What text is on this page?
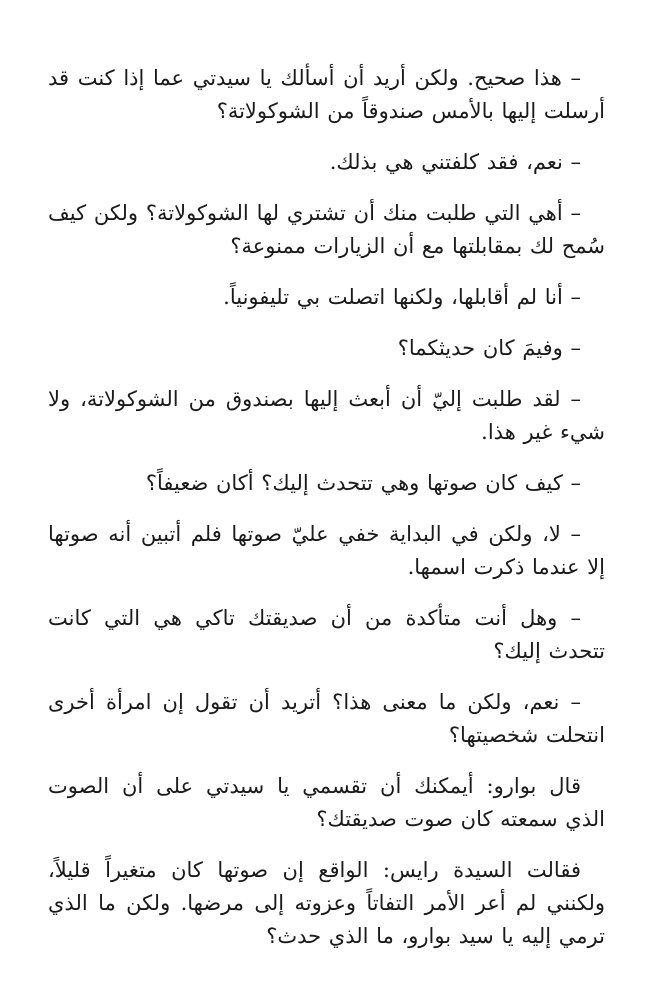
– هذا صحيح. ولكن أريد أن أسألك يا سيدتي عما إذا كنت قد أرسلت إليها بالأمس صندوقاً من الشوكولاتة؟

– نعم، فقد كلفتني هي بذلك.

– أهي التي طلبت منك أن تشتري لها الشوكولاتة؟ ولكن كيف سُمح لك بمقابلتها مع أن الزيارات ممنوعة؟

– أنا لم أقابلها، ولكنها اتصلت بي تليفونياً.

– وفيمَ كان حديثكما؟

– لقد طلبت إليّ أن أبعث إليها بصندوق من الشوكولاتة، ولا شيء غير هذا.

– كيف كان صوتها وهي تتحدث إليك؟ أكان ضعيفاً؟

– لا، ولكن في البداية خفي عليّ صوتها فلم أتبين أنه صوتها إلا عندما ذكرت اسمها.

– وهل أنت متأكدة من أن صديقتك تاكي هي التي كانت تتحدث إليك؟

– نعم، ولكن ما معنى هذا؟ أتريد أن تقول إن امرأة أخرى انتحلت شخصيتها؟

قال بوارو: أيمكنك أن تقسمي يا سيدتي على أن الصوت الذي سمعته كان صوت صديقتك؟

فقالت السيدة رايس: الواقع إن صوتها كان متغيراً قليلاً، ولكنني لم أعر الأمر التفاتاً وعزوته إلى مرضها. ولكن ما الذي ترمي إليه يا سيد بوارو، ما الذي حدث؟
